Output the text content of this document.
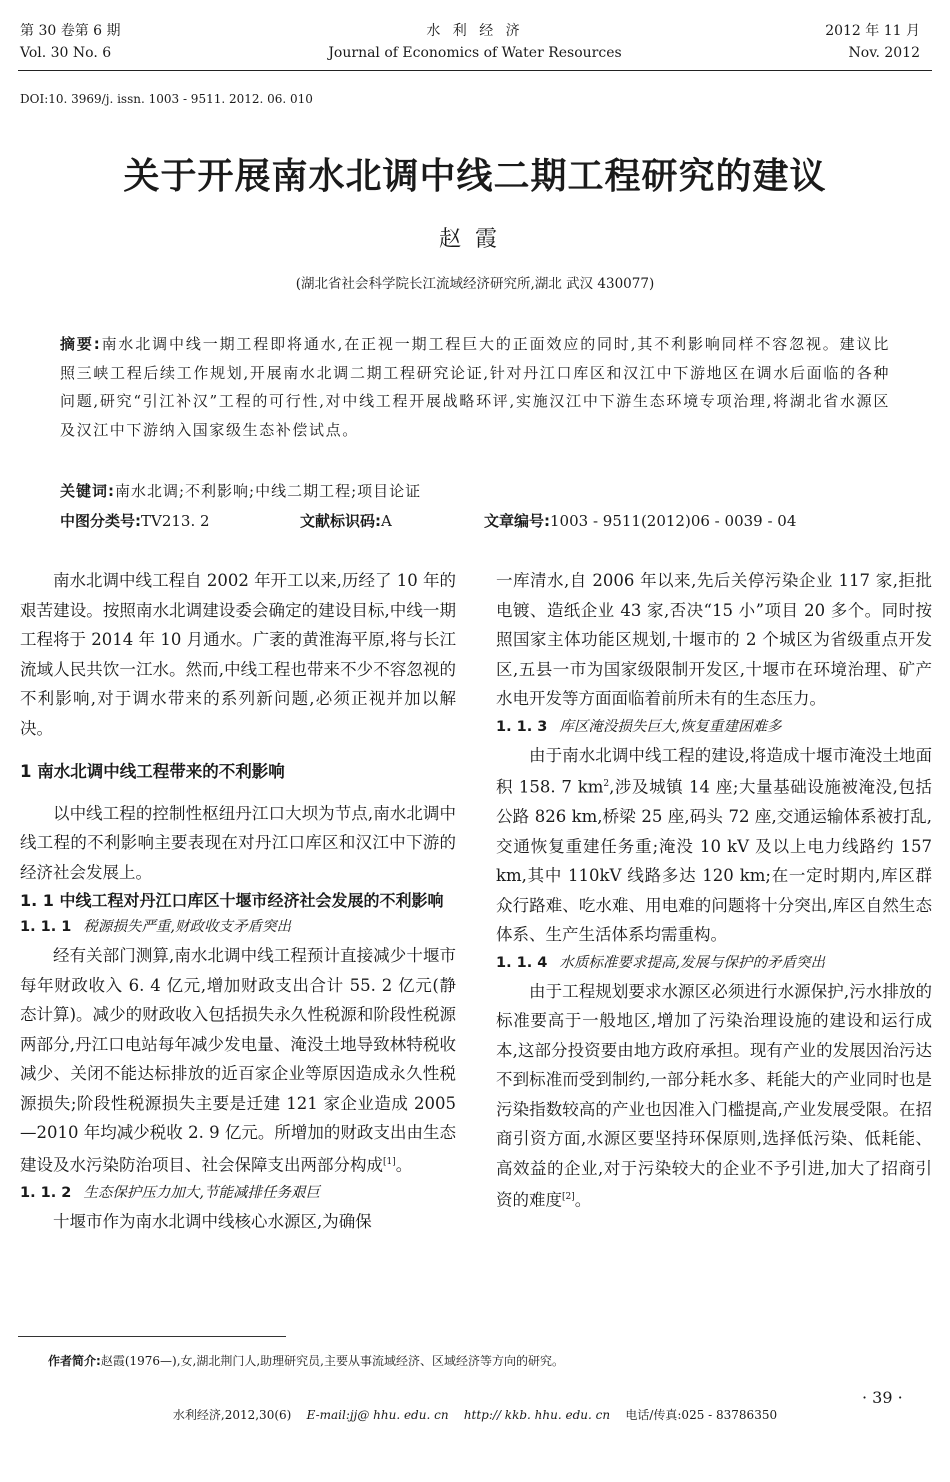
第 30 卷第 6 期
Vol. 30 No. 6
水 利 经 济
Journal of Economics of Water Resources
2012 年 11 月
Nov. 2012
DOI:10. 3969/j. issn. 1003 - 9511. 2012. 06. 010
关于开展南水北调中线二期工程研究的建议
赵霞
(湖北省社会科学院长江流域经济研究所,湖北 武汉 430077)
摘要:南水北调中线一期工程即将通水,在正视一期工程巨大的正面效应的同时,其不利影响同样不容忽视。建议比照三峡工程后续工作规划,开展南水北调二期工程研究论证,针对丹江口库区和汉江中下游地区在调水后面临的各种问题,研究“引江补汉”工程的可行性,对中线工程开展战略环评,实施汉江中下游生态环境专项治理,将湖北省水源区及汉江中下游纳入国家级生态补偿试点。
关键词:南水北调;不利影响;中线二期工程;项目论证
中图分类号:TV213. 2	文献标识码:A	文章编号:1003 - 9511(2012)06 - 0039 - 04

南水北调中线工程自 2002 年开工以来,历经了 10 年的艰苦建设。按照南水北调建设委会确定的建设目标,中线一期工程将于 2014 年 10 月通水。广袤的黄淮海平原,将与长江流域人民共饮一江水。然而,中线工程也带来不少不容忽视的不利影响,对于调水带来的系列新问题,必须正视并加以解决。

1 南水北调中线工程带来的不利影响

以中线工程的控制性枢纽丹江口大坝为节点,南水北调中线工程的不利影响主要表现在对丹江口库区和汉江中下游的经济社会发展上。

1. 1 中线工程对丹江口库区十堰市经济社会发展的不利影响
1. 1. 1 税源损失严重,财政收支矛盾突出

经有关部门测算,南水北调中线工程预计直接减少十堰市每年财政收入 6. 4 亿元,增加财政支出合计 55. 2 亿元(静态计算)。减少的财政收入包括损失永久性税源和阶段性税源两部分,丹江口电站每年减少发电量、淹没土地导致林特税收减少、关闭不能达标排放的近百家企业等原因造成永久性税源损失;阶段性税源损失主要是迁建 121 家企业造成 2005—2010 年均减少税收 2. 9 亿元。所增加的财政支出由生态建设及水污染防治项目、社会保障支出两部分构成[1]。

1. 1. 2 生态保护压力加大,节能减排任务艰巨

十堰市作为南水北调中线核心水源区,为确保

一库清水,自 2006 年以来,先后关停污染企业 117 家,拒批电镀、造纸企业 43 家,否决“15 小”项目 20 多个。同时按照国家主体功能区规划,十堰市的 2 个城区为省级重点开发区,五县一市为国家级限制开发区,十堰市在环境治理、矿产水电开发等方面面临着前所未有的生态压力。

1. 1. 3 库区淹没损失巨大,恢复重建困难多

由于南水北调中线工程的建设,将造成十堰市淹没土地面积 158. 7 $km^2$,涉及城镇 14 座;大量基础设施被淹没,包括公路 826 km,桥梁 25 座,码头 72 座,交通运输体系被打乱,交通恢复重建任务重;淹没 10 kV 及以上电力线路约 157 km,其中 110kV 线路多达 120 km;在一定时期内,库区群众行路难、吃水难、用电难的问题将十分突出,库区自然生态体系、生产生活体系均需重构。

1. 1. 4 水质标准要求提高,发展与保护的矛盾突出

由于工程规划要求水源区必须进行水源保护,污水排放的标准要高于一般地区,增加了污染治理设施的建设和运行成本,这部分投资要由地方政府承担。现有产业的发展因治污达不到标准而受到制约,一部分耗水多、耗能大的产业同时也是污染指数较高的产业也因准入门槛提高,产业发展受限。在招商引资方面,水源区要坚持环保原则,选择低污染、低耗能、高效益的企业,对于污染较大的企业不予引进,加大了招商引资的难度[2]。

作者简介:赵霞(1976—),女,湖北荆门人,助理研究员,主要从事流域经济、区域经济等方向的研究。
· 39 ·
水利经济,2012,30(6) E-mail:jj@ hhu. edu. cn http:// kkb. hhu. edu. cn 电话/传真:025 - 83786350
